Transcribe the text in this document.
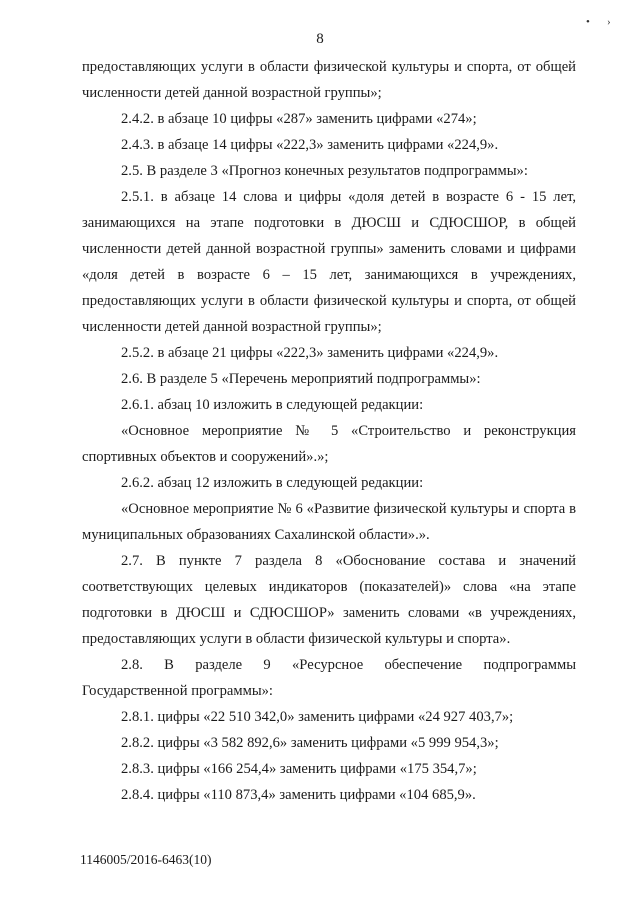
• ›
8

предоставляющих услуги в области физической культуры и спорта, от общей численности детей данной возрастной группы»;

2.4.2. в абзаце 10 цифры «287» заменить цифрами «274»;

2.4.3. в абзаце 14 цифры «222,3» заменить цифрами «224,9».

2.5. В разделе 3 «Прогноз конечных результатов подпрограммы»:

2.5.1. в абзаце 14 слова и цифры «доля детей в возрасте 6 - 15 лет, занимающихся на этапе подготовки в ДЮСШ и СДЮСШОР, в общей численности детей данной возрастной группы» заменить словами и цифрами «доля детей в возрасте 6 – 15 лет, занимающихся в учреждениях, предоставляющих услуги в области физической культуры и спорта, от общей численности детей данной возрастной группы»;

2.5.2. в абзаце 21 цифры «222,3» заменить цифрами «224,9».

2.6. В разделе 5 «Перечень мероприятий подпрограммы»:

2.6.1. абзац 10 изложить в следующей редакции:

«Основное мероприятие № 5 «Строительство и реконструкция спортивных объектов и сооружений».»;

2.6.2. абзац 12 изложить в следующей редакции:

«Основное мероприятие № 6 «Развитие физической культуры и спорта в муниципальных образованиях Сахалинской области».».

2.7. В пункте 7 раздела 8 «Обоснование состава и значений соответствующих целевых индикаторов (показателей)» слова «на этапе подготовки в ДЮСШ и СДЮСШОР» заменить словами «в учреждениях, предоставляющих услуги в области физической культуры и спорта».

2.8. В разделе 9 «Ресурсное обеспечение подпрограммы Государственной программы»:

2.8.1. цифры «22 510 342,0» заменить цифрами «24 927 403,7»;

2.8.2. цифры «3 582 892,6» заменить цифрами «5 999 954,3»;

2.8.3. цифры «166 254,4» заменить цифрами «175 354,7»;

2.8.4. цифры «110 873,4» заменить цифрами «104 685,9».

1146005/2016-6463(10)
